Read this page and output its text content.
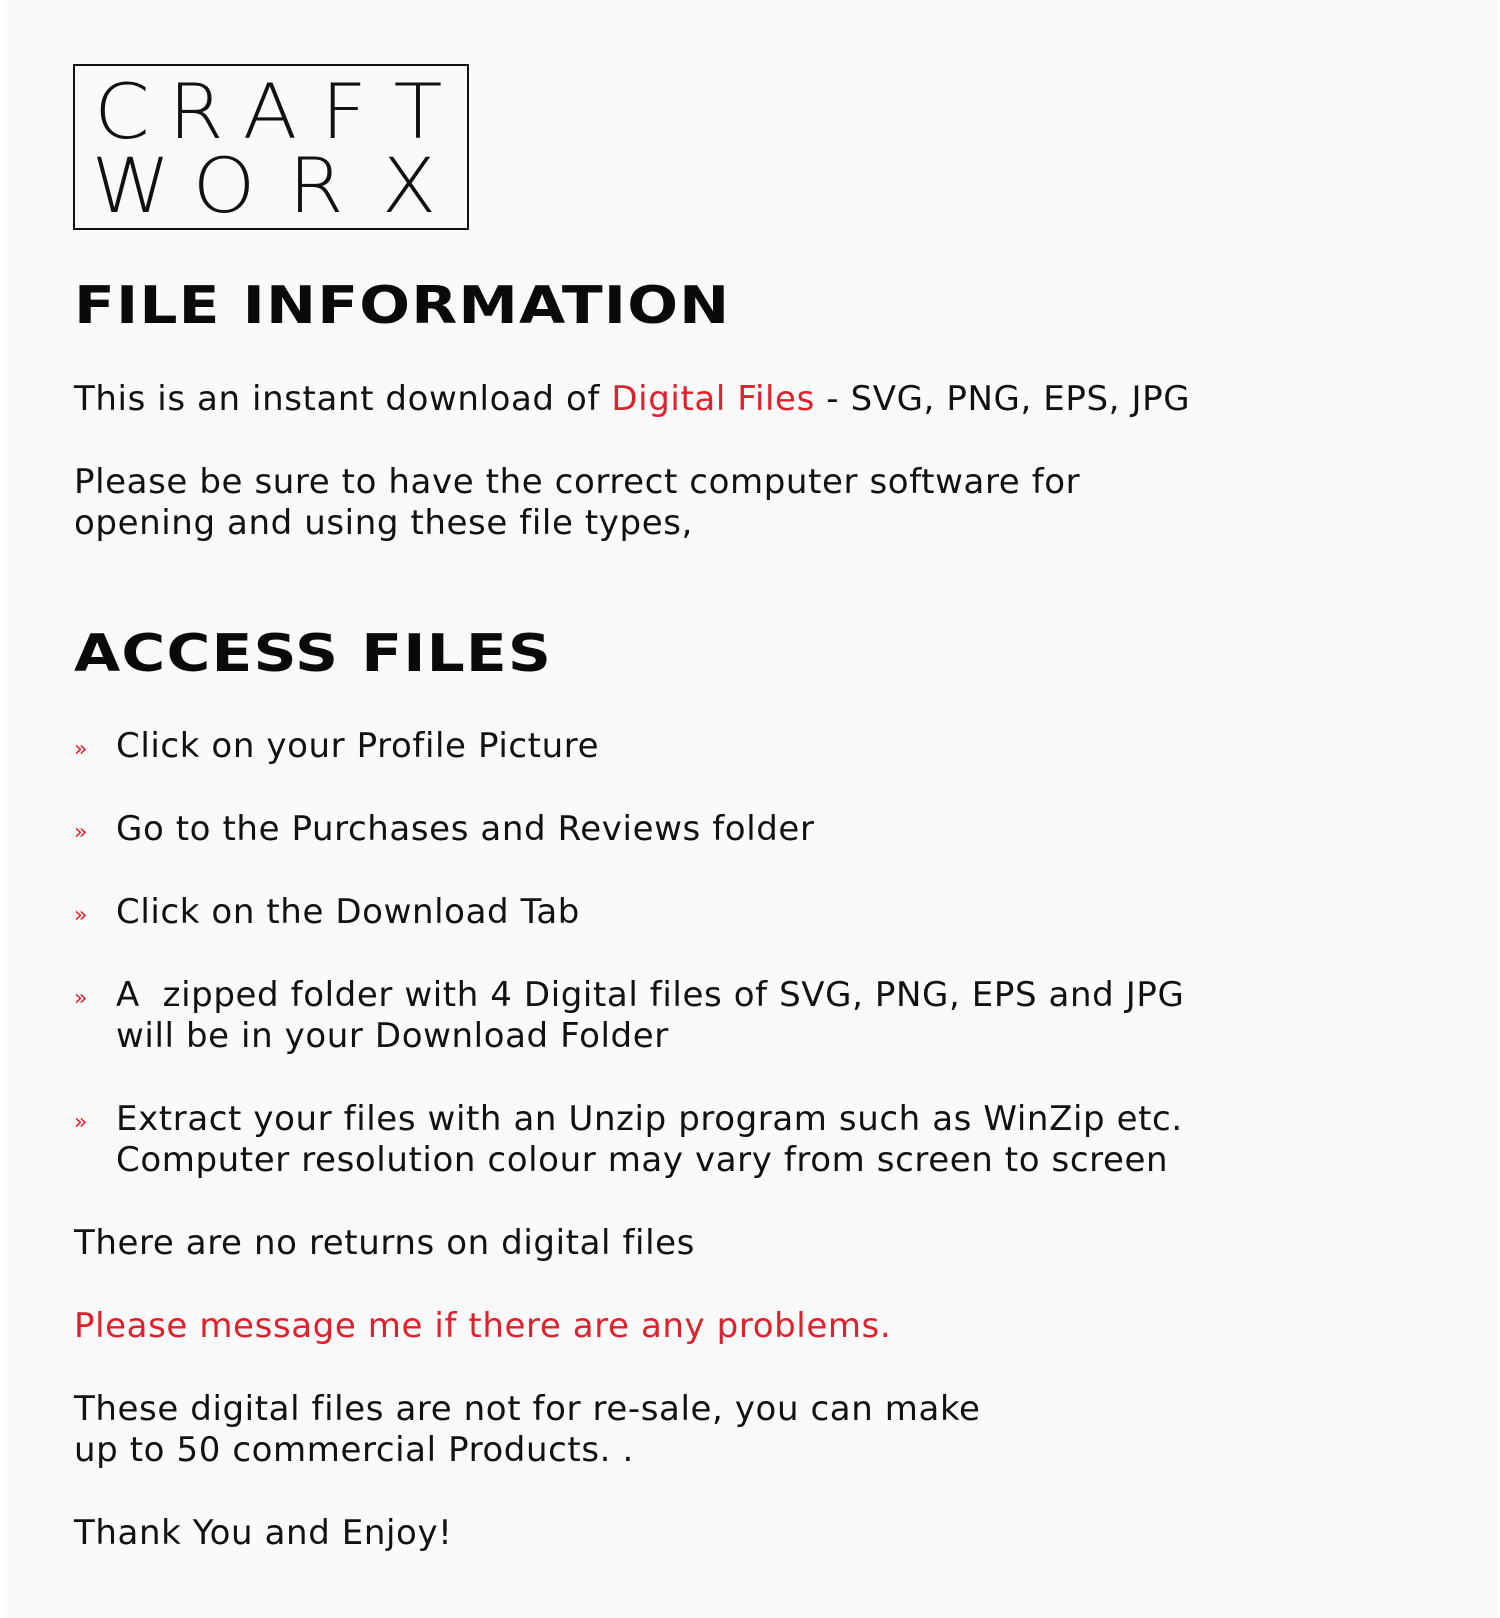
C R A F T
W O R X
FILE INFORMATION

This is an instant download of Digital Files - SVG, PNG, EPS, JPG

Please be sure to have the correct computer software for

opening and using these file types,

ACCESS FILES
» Click on your Profile Picture
» Go to the Purchases and Reviews folder
» Click on the Download Tab
» A  zipped folder with 4 Digital files of SVG, PNG, EPS and JPG
will be in your Download Folder
» Extract your files with an Unzip program such as WinZip etc.
Computer resolution colour may vary from screen to screen

There are no returns on digital files

Please message me if there are any problems.

These digital files are not for re-sale, you can make

up to 50 commercial Products. .

Thank You and Enjoy!
